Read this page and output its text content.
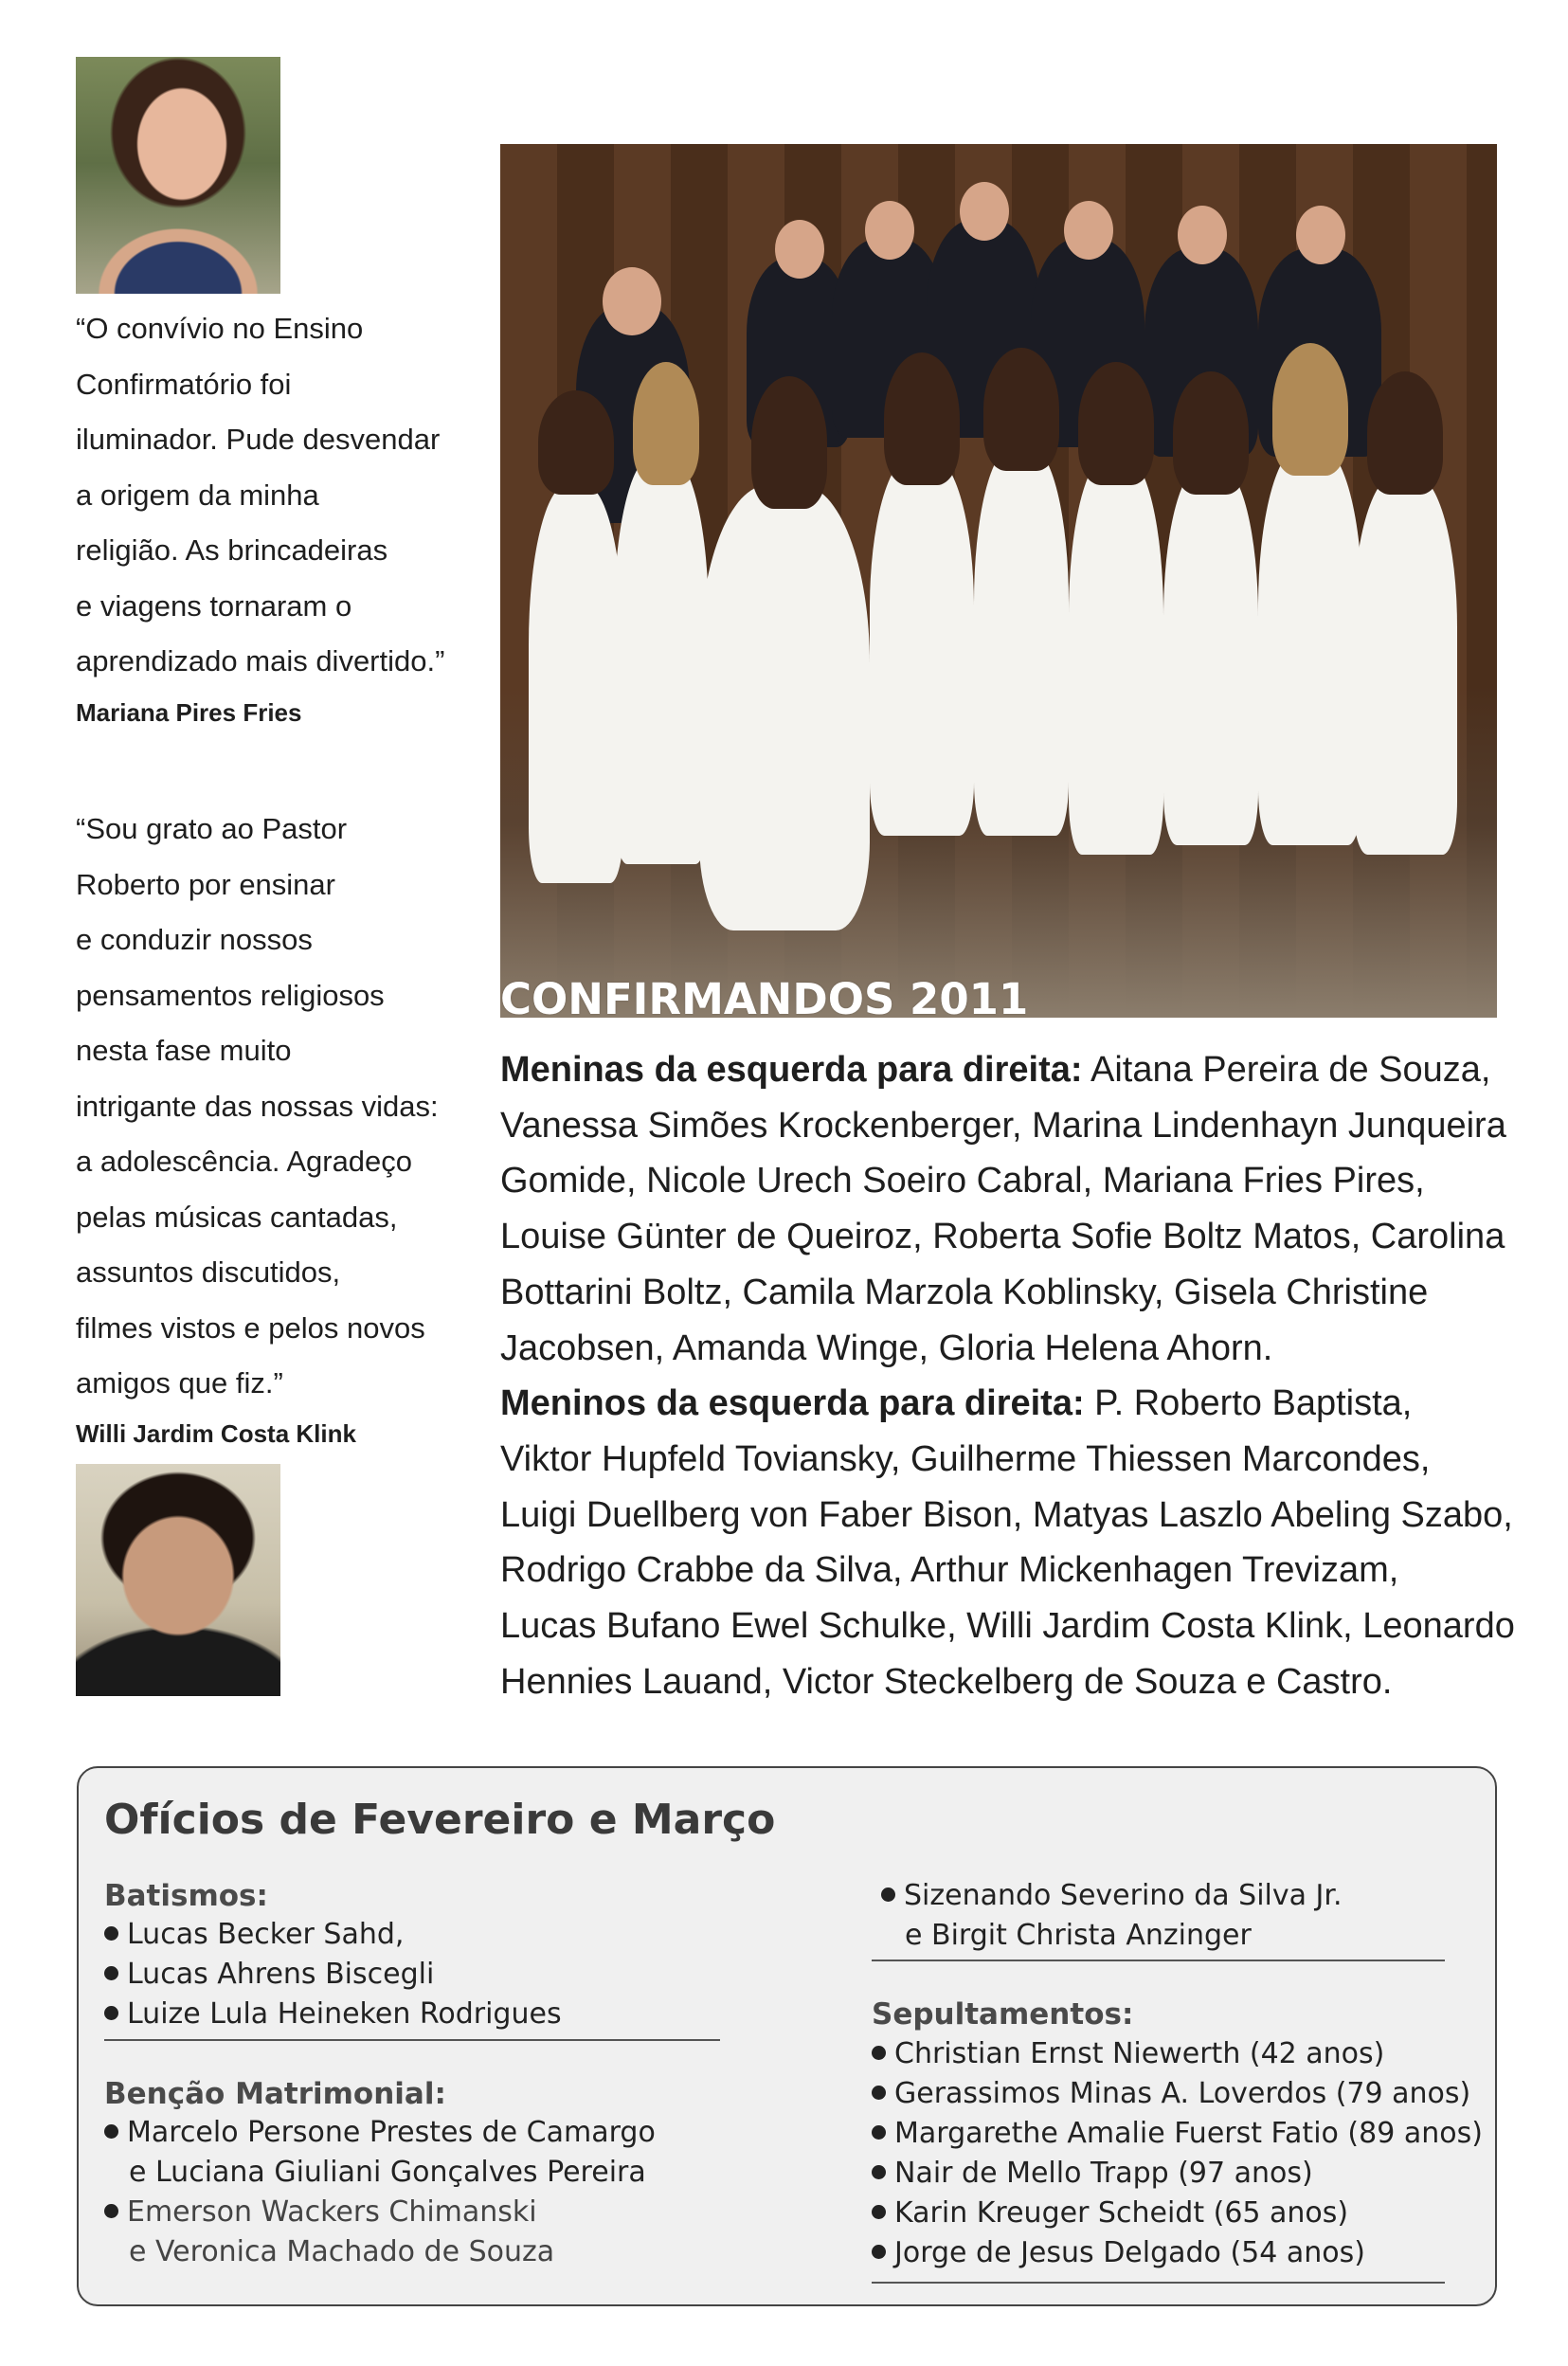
“O convívio no Ensino
Confirmatório foi
iluminador. Pude desvendar
a origem da minha
religião. As brincadeiras
e viagens tornaram o
aprendizado mais divertido.”
Mariana Pires Fries
“Sou grato ao Pastor
Roberto por ensinar
e conduzir nossos
pensamentos religiosos
nesta fase muito
intrigante das nossas vidas:
a adolescência. Agradeço
pelas músicas cantadas,
assuntos discutidos,
filmes vistos e pelos novos
amigos que fiz.”
Willi Jardim Costa Klink
CONFIRMANDOS 2011
Meninas da esquerda para direita: Aitana Pereira de Souza,
Vanessa Simões Krockenberger, Marina Lindenhayn Junqueira
Gomide, Nicole Urech Soeiro Cabral, Mariana Fries Pires,
Louise Günter de Queiroz, Roberta Sofie Boltz Matos, Carolina
Bottarini Boltz, Camila Marzola Koblinsky, Gisela Christine
Jacobsen, Amanda Winge, Gloria Helena Ahorn.
Meninos da esquerda para direita: P. Roberto Baptista,
Viktor Hupfeld Toviansky, Guilherme Thiessen Marcondes,
Luigi Duellberg von Faber Bison, Matyas Laszlo Abeling Szabo,
Rodrigo Crabbe da Silva, Arthur Mickenhagen Trevizam,
Lucas Bufano Ewel Schulke, Willi Jardim Costa Klink, Leonardo
Hennies Lauand, Victor Steckelberg de Souza e Castro.
Ofícios de Fevereiro e Março
Batismos:
Lucas Becker Sahd,
Lucas Ahrens Biscegli
Luize Lula Heineken Rodrigues
Benção Matrimonial:
Marcelo Persone Prestes de Camargo
e Luciana Giuliani Gonçalves Pereira
Emerson Wackers Chimanski
e Veronica Machado de Souza
Sizenando Severino da Silva Jr.
e Birgit Christa Anzinger
Sepultamentos:
Christian Ernst Niewerth (42 anos)
Gerassimos Minas A. Loverdos (79 anos)
Margarethe Amalie Fuerst Fatio (89 anos)
Nair de Mello Trapp (97 anos)
Karin Kreuger Scheidt (65 anos)
Jorge de Jesus Delgado (54 anos)
